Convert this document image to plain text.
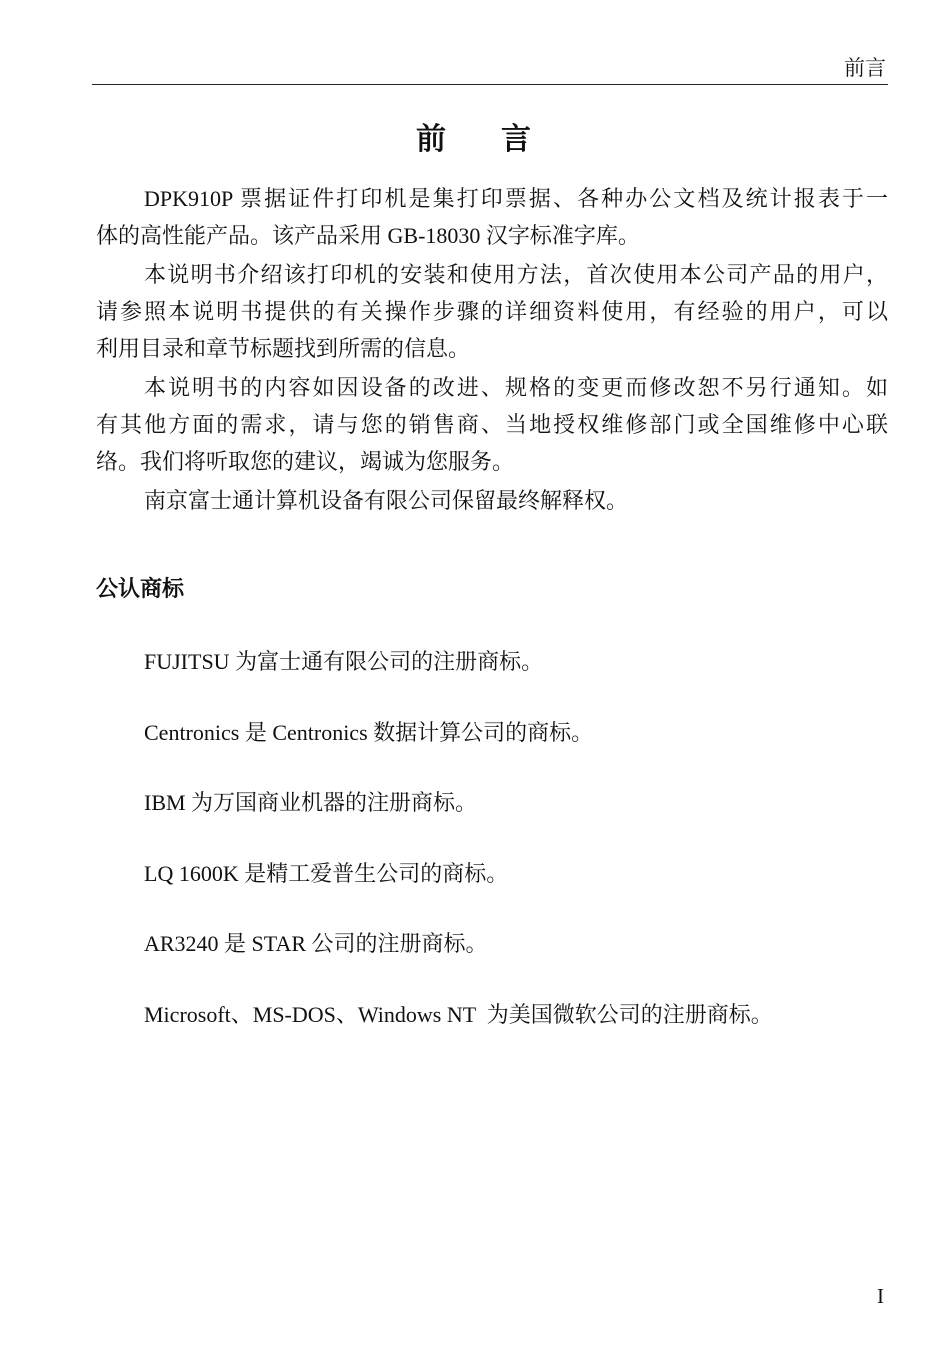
前言
前 言
DPK910P 票据证件打印机是集打印票据、各种办公文档及统计报表于一
体的高性能产品。该产品采用 GB-18030 汉字标准字库。
本说明书介绍该打印机的安装和使用方法，首次使用本公司产品的用户，
请参照本说明书提供的有关操作步骤的详细资料使用，有经验的用户，可以
利用目录和章节标题找到所需的信息。
本说明书的内容如因设备的改进、规格的变更而修改恕不另行通知。如
有其他方面的需求，请与您的销售商、当地授权维修部门或全国维修中心联
络。我们将听取您的建议，竭诚为您服务。
南京富士通计算机设备有限公司保留最终解释权。
公认商标
FUJITSU 为富士通有限公司的注册商标。
Centronics 是 Centronics 数据计算公司的商标。
IBM 为万国商业机器的注册商标。
LQ 1600K 是精工爱普生公司的商标。
AR3240 是 STAR 公司的注册商标。
Microsoft、MS-DOS、Windows NT  为美国微软公司的注册商标。
I
